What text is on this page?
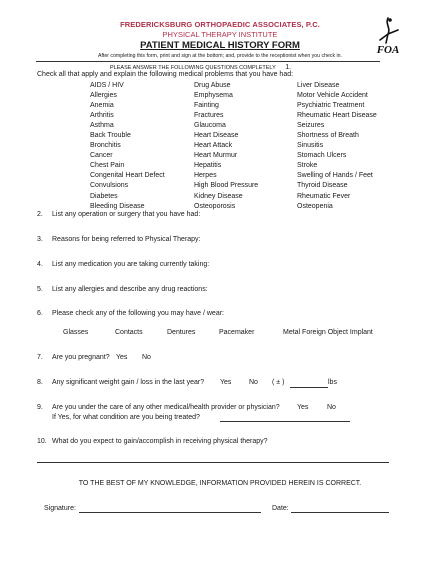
FREDERICKSBURG ORTHOPAEDIC ASSOCIATES, P.C.
PHYSICAL THERAPY INSTITUTE
PATIENT MEDICAL HISTORY FORM
After completing this form, print and sign at the bottom; and, provide to the receptionist when you check in.
PLEASE ANSWER THE FOLLOWING QUESTIONS COMPLETELY 1.
FOA
Check all that apply and explain the following medical problems that you have had:
AIDS / HIV
Allergies
Anemia
Arthritis
Asthma
Back Trouble
Bronchitis
Cancer
Chest Pain
Congenital Heart Defect
Convulsions
Diabetes
Bleeding Disease
Drug Abuse
Emphysema
Fainting
Fractures
Glaucoma
Heart Disease
Heart Attack
Heart Murmur
Hepatitis
Herpes
High Blood Pressure
Kidney Disease
Osteoporosis
Liver Disease
Motor Vehicle Accident
Psychiatric Treatment
Rheumatic Heart Disease
Seizures
Shortness of Breath
Sinusitis
Stomach Ulcers
Stroke
Swelling of Hands / Feet
Thyroid Disease
Rheumatic Fever
Osteopenia
2. List any operation or surgery that you have had:
3. Reasons for being referred to Physical Therapy:
4. List any medication you are taking currently taking:
5. List any allergies and describe any drug reactions:
6. Please check any of the following you may have / wear:
Glasses	Contacts	Dentures	Pacemaker	Metal Foreign Object Implant
7. Are you pregnant? Yes No
8. Any significant weight gain / loss in the last year? Yes	No ( ± )	lbs
9. Are you under the care of any other medical/health provider or physician? Yes	No
If Yes, for what condition are you being treated?
10. What do you expect to gain/accomplish in receiving physical therapy?
TO THE BEST OF MY KNOWLEDGE, INFORMATION PROVIDED HEREIN IS CORRECT.
Signature:	Date:
